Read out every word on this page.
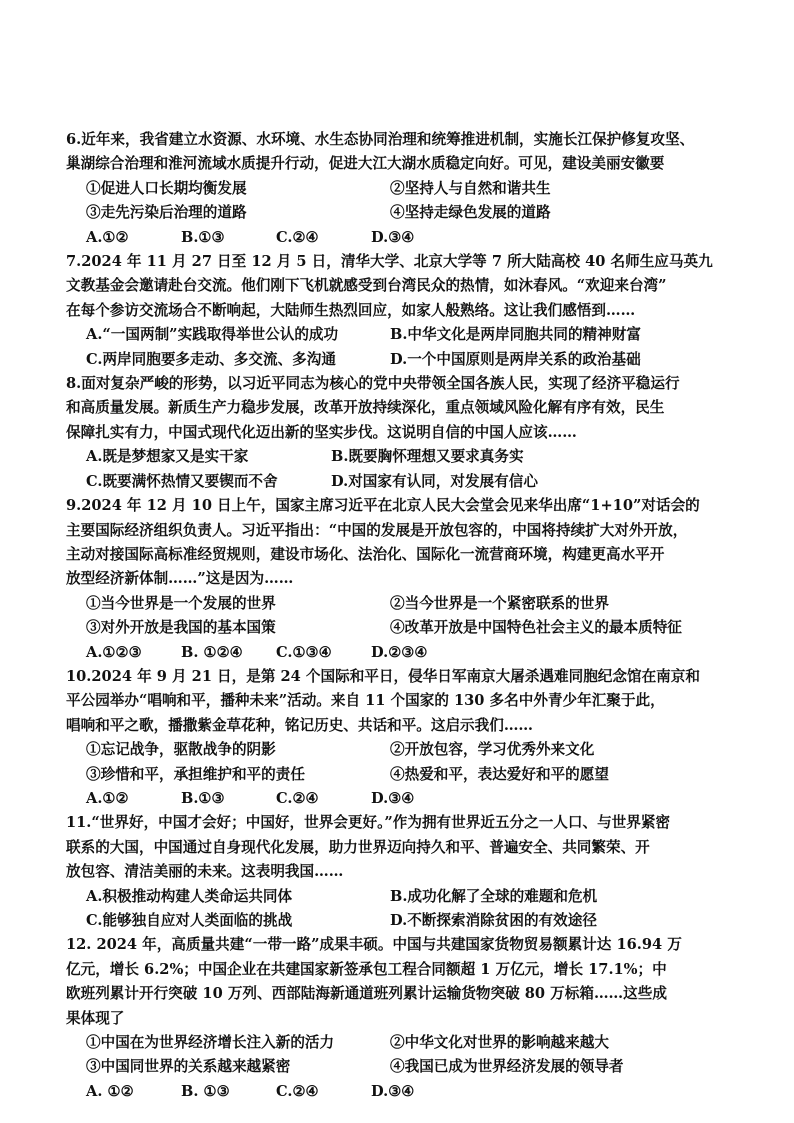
6.近年来，我省建立水资源、水环境、水生态协同治理和统筹推进机制，实施长江保护修复攻坚、

巢湖综合治理和淮河流域水质提升行动，促进大江大湖水质稳定向好。可见，建设美丽安徽要

①促进人口长期均衡发展	②坚持人与自然和谐共生
③走先污染后治理的道路	④坚持走绿色发展的道路
A.①②	B.①③	C.②④	D.③④

7.2024 年 11 月 27 日至 12 月 5 日，清华大学、北京大学等 7 所大陆高校 40 名师生应马英九

文教基金会邀请赴台交流。他们刚下飞机就感受到台湾民众的热情，如沐春风。“欢迎来台湾”

在每个参访交流场合不断响起，大陆师生热烈回应，如家人般熟络。这让我们感悟到……

A.“一国两制”实践取得举世公认的成功	B.中华文化是两岸同胞共同的精神财富
C.两岸同胞要多走动、多交流、多沟通	D.一个中国原则是两岸关系的政治基础

8.面对复杂严峻的形势，以习近平同志为核心的党中央带领全国各族人民，实现了经济平稳运行

和高质量发展。新质生产力稳步发展，改革开放持续深化，重点领域风险化解有序有效，民生

保障扎实有力，中国式现代化迈出新的坚实步伐。这说明自信的中国人应该……

A.既是梦想家又是实干家	B.既要胸怀理想又要求真务实
C.既要满怀热情又要锲而不舍	D.对国家有认同，对发展有信心

9.2024 年 12 月 10 日上午，国家主席习近平在北京人民大会堂会见来华出席“1+10”对话会的

主要国际经济组织负责人。习近平指出：“中国的发展是开放包容的，中国将持续扩大对外开放，

主动对接国际高标准经贸规则，建设市场化、法治化、国际化一流营商环境，构建更高水平开

放型经济新体制……”这是因为……

①当今世界是一个发展的世界	②当今世界是一个紧密联系的世界
③对外开放是我国的基本国策	④改革开放是中国特色社会主义的最本质特征
A.①②③	B. ①②④	C.①③④	D.②③④

10.2024 年 9 月 21 日，是第 24 个国际和平日，侵华日军南京大屠杀遇难同胞纪念馆在南京和

平公园举办“唱响和平，播种未来”活动。来自 11 个国家的 130 多名中外青少年汇聚于此，

唱响和平之歌，播撒紫金草花种，铭记历史、共话和平。这启示我们……

①忘记战争，驱散战争的阴影	②开放包容，学习优秀外来文化
③珍惜和平，承担维护和平的责任	④热爱和平，表达爱好和平的愿望
A.①②	B.①③	C.②④	D.③④

11.“世界好，中国才会好；中国好，世界会更好。”作为拥有世界近五分之一人口、与世界紧密

联系的大国，中国通过自身现代化发展，助力世界迈向持久和平、普遍安全、共同繁荣、开

放包容、清洁美丽的未来。这表明我国……

A.积极推动构建人类命运共同体	B.成功化解了全球的难题和危机
C.能够独自应对人类面临的挑战	D.不断探索消除贫困的有效途径

12. 2024 年，高质量共建“一带一路”成果丰硕。中国与共建国家货物贸易额累计达 16.94 万

亿元，增长 6.2%；中国企业在共建国家新签承包工程合同额超 1 万亿元，增长 17.1%；中

欧班列累计开行突破 10 万列、西部陆海新通道班列累计运输货物突破 80 万标箱……这些成

果体现了

①中国在为世界经济增长注入新的活力	②中华文化对世界的影响越来越大
③中国同世界的关系越来越紧密	④我国已成为世界经济发展的领导者
A. ①②	B. ①③	C.②④	D.③④
